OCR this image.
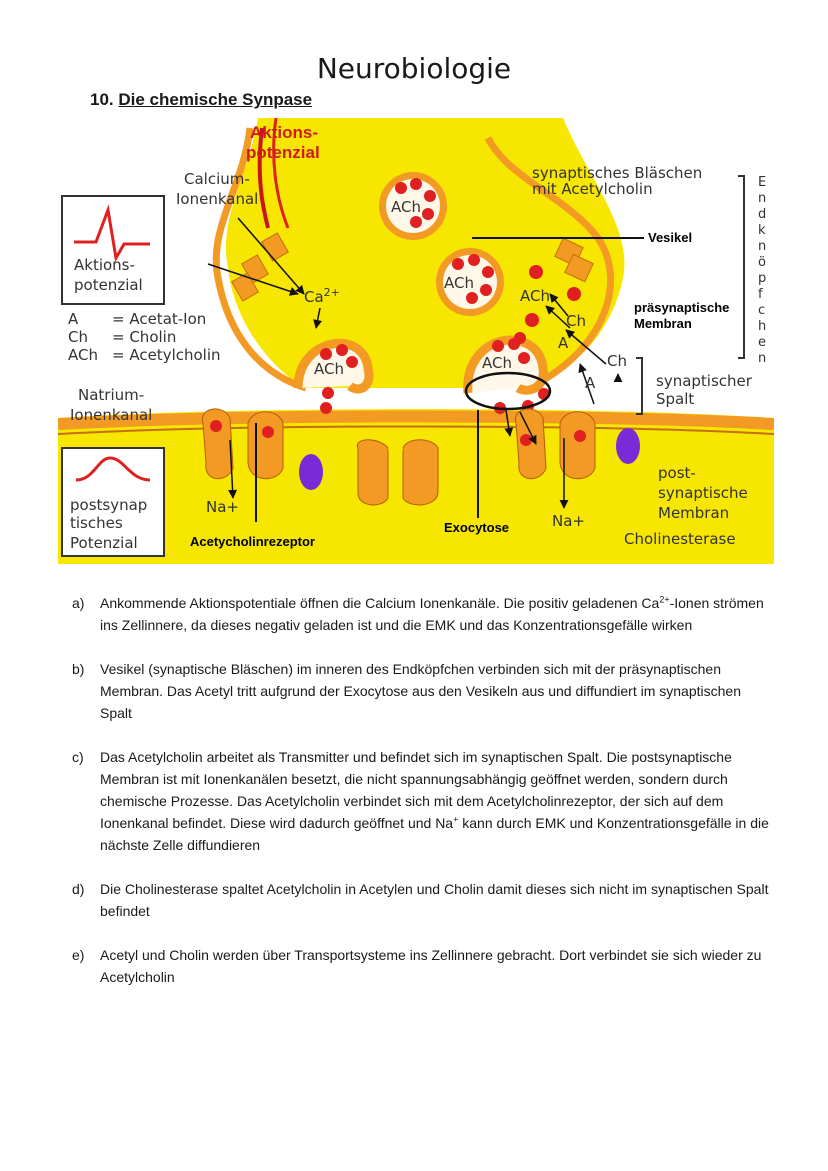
Neurobiologie
10. Die chemische Synpase
ACh
ACh
ACh	ACh
Aktions-
potenzial
Calcium-
Ionenkanal
Aktions-
potenzial
A = Acetat-Ion
Ch = Cholin
ACh = Acetylcholin
$Ca^{2+}$	ACh
Ch
A
Ch
A
synaptisches Bläschen
mit Acetylcholin	E n d k n ö p f c h e n
Vesikel
präsynaptische
Membran
synaptischer
Spalt
Natrium-
Ionenkanal
postsynap
tisches
Potenzial
Na+
Na+
Acetycholinrezeptor
Exocytose
post-
synaptische
Membran
Cholinesterase
a)	Ankommende Aktionspotentiale öffnen die Calcium Ionenkanäle. Die positiv geladenen $Ca^{2+}$-Ionen strömen ins Zellinnere, da dieses negativ geladen ist und die EMK und das Konzentrationsgefälle wirken
b)	Vesikel (synaptische Bläschen) im inneren des Endköpfchen verbinden sich mit der präsynaptischen Membran. Das Acetyl tritt aufgrund der Exocytose aus den Vesikeln aus und diffundiert im synaptischen Spalt
c)	Das Acetylcholin arbeitet als Transmitter und befindet sich im synaptischen Spalt. Die postsynaptische Membran ist mit Ionenkanälen besetzt, die nicht spannungsabhängig geöffnet werden, sondern durch chemische Prozesse. Das Acetylcholin verbindet sich mit dem Acetylcholinrezeptor, der sich auf dem Ionenkanal befindet. Diese wird dadurch geöffnet und Na+ kann durch EMK und Konzentrationsgefälle in die nächste Zelle diffundieren
d)	Die Cholinesterase spaltet Acetylcholin in Acetylen und Cholin damit dieses sich nicht im synaptischen Spalt befindet
e)	Acetyl und Cholin werden über Transportsysteme ins Zellinnere gebracht. Dort verbindet sie sich wieder zu Acetylcholin
